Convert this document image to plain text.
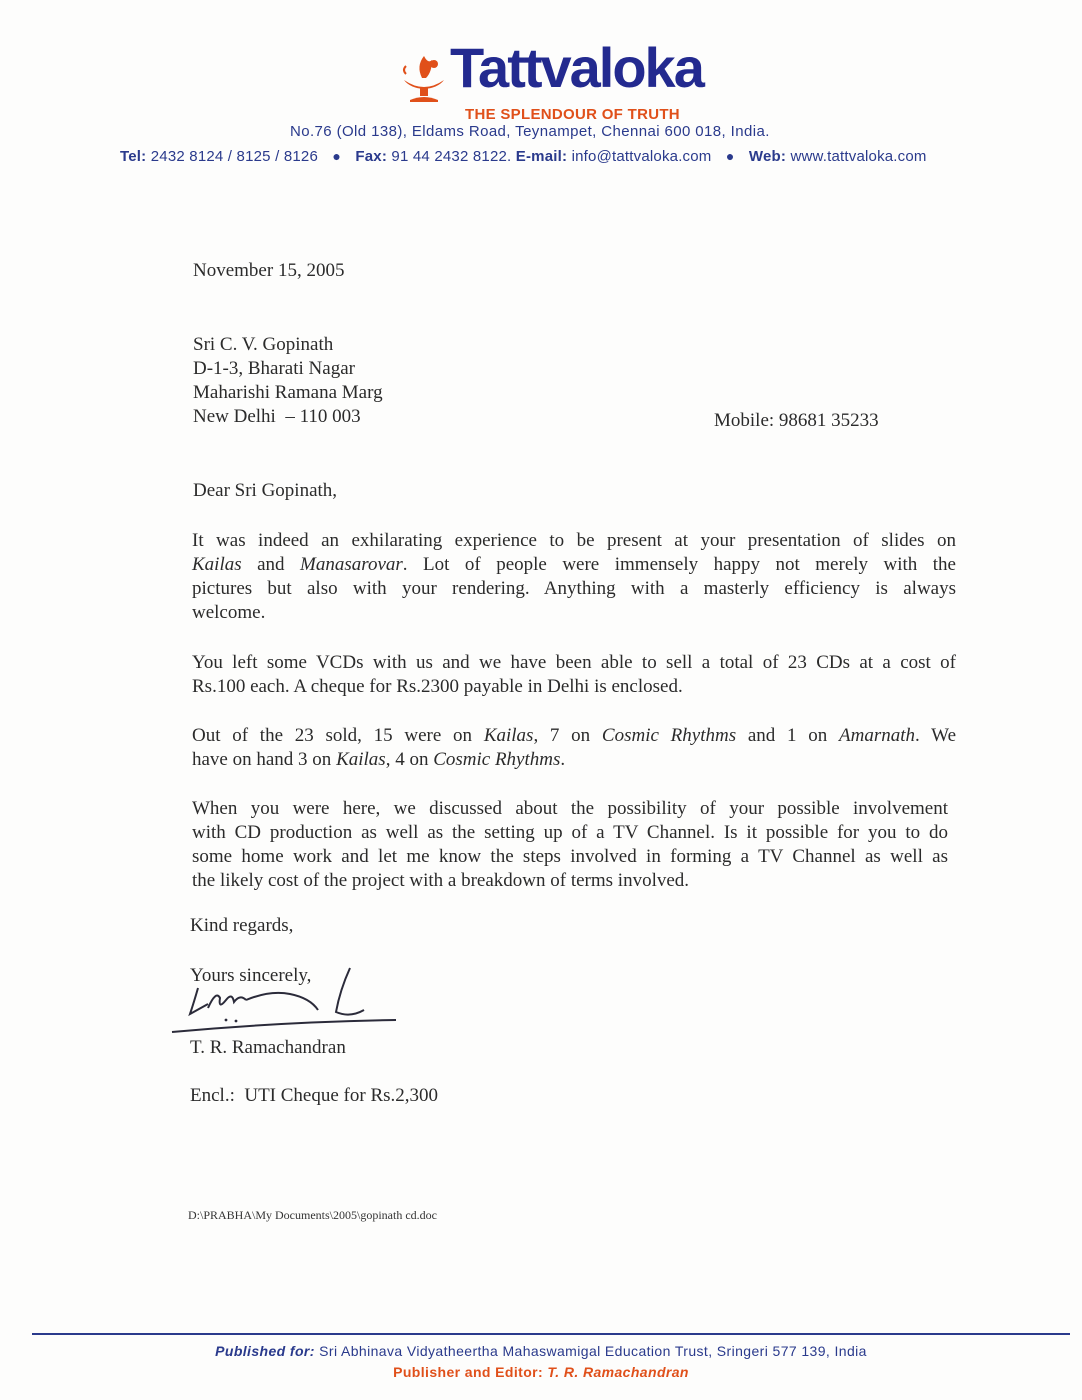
Tattvaloka
THE SPLENDOUR OF TRUTH
No.76 (Old 138), Eldams Road, Teynampet, Chennai 600 018, India.
Tel: 2432 8124 / 8125 / 8126 ● Fax: 91 44 2432 8122. E-mail: info@tattvaloka.com ● Web: www.tattvaloka.com
November 15, 2005
Sri C. V. Gopinath
D-1-3, Bharati Nagar
Maharishi Ramana Marg
New Delhi  – 110 003	Mobile: 98681 35233
Dear Sri Gopinath,
It was indeed an exhilarating experience to be present at your presentation of slides on
Kailas and Manasarovar. Lot of people were immensely happy not merely with the
pictures but also with your rendering. Anything with a masterly efficiency is always
welcome.
You left some VCDs with us and we have been able to sell a total of 23 CDs at a cost of
Rs.100 each. A cheque for Rs.2300 payable in Delhi is enclosed.
Out of the 23 sold, 15 were on Kailas, 7 on Cosmic Rhythms and 1 on Amarnath. We
have on hand 3 on Kailas, 4 on Cosmic Rhythms.
When you were here, we discussed about the possibility of your possible involvement
with CD production as well as the setting up of a TV Channel. Is it possible for you to do
some home work and let me know the steps involved in forming a TV Channel as well as
the likely cost of the project with a breakdown of terms involved.
Kind regards,
Yours sincerely,
T. R. Ramachandran
Encl.:  UTI Cheque for Rs.2,300
D:\PRABHA\My Documents\2005\gopinath cd.doc
Published for: Sri Abhinava Vidyatheertha Mahaswamigal Education Trust, Sringeri 577 139, India
Publisher and Editor: T. R. Ramachandran
